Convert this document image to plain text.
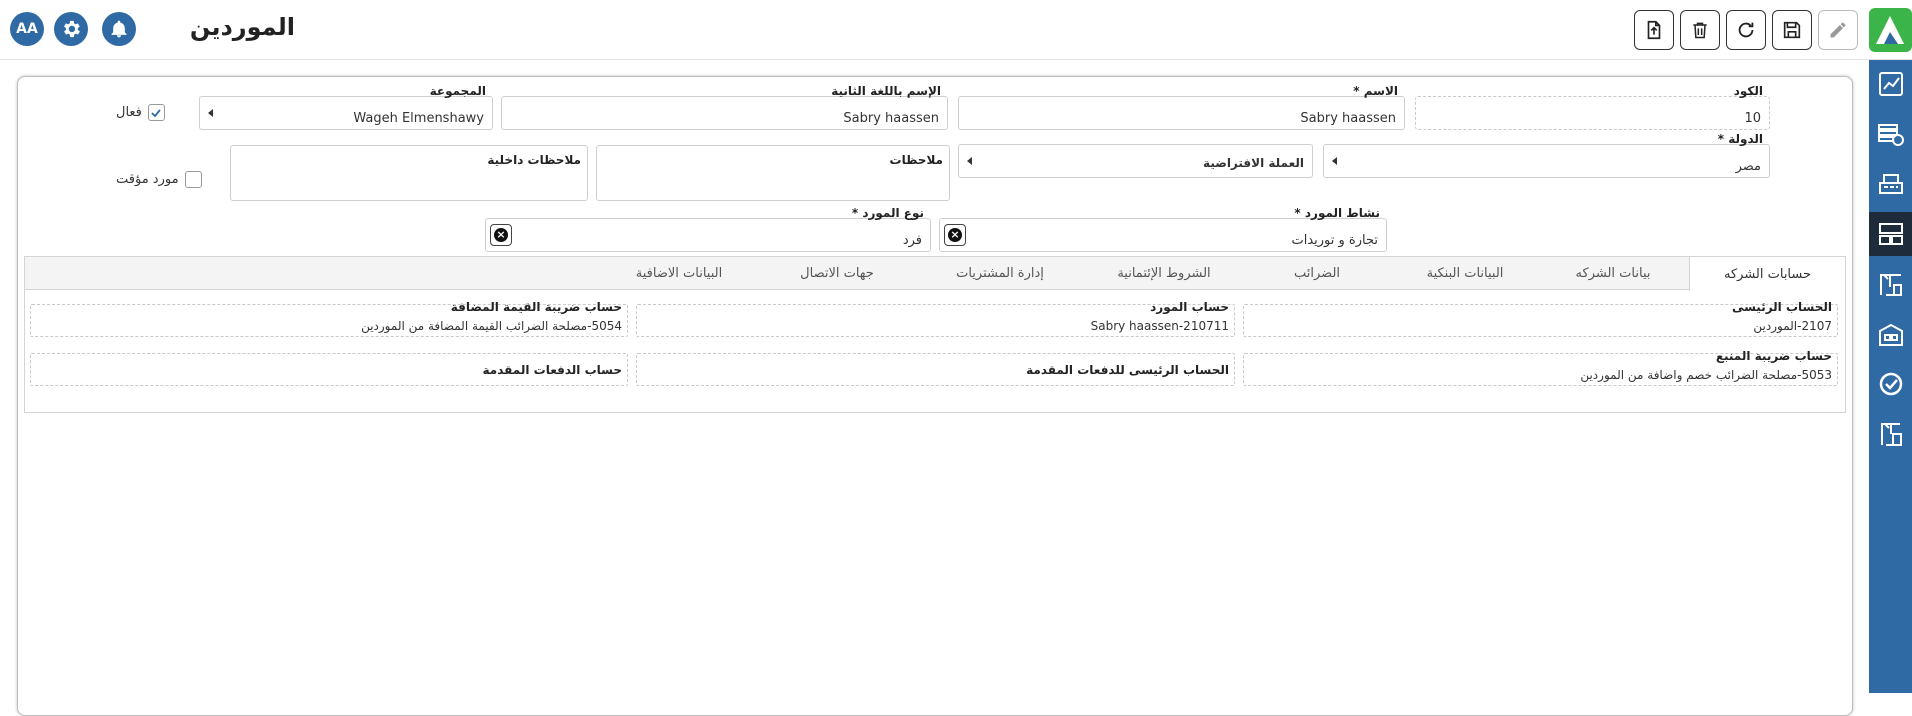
AA	الموردين
الكود
10
الاسم *
Sabry haassen
الإسم باللغة الثانية
Sabry haassen
المجموعة
Wageh Elmenshawy
فعال
الدولة *
مصر
العملة الافتراضية
ملاحظات
ملاحظات داخلية
مورد مؤقت
نشاط المورد *
تجارة و توريدات
×
نوع المورد *
فرد
×
حسابات الشركه
بيانات الشركه
البيانات البنكية
الضرائب
الشروط الإئتمانية
إدارة المشتريات
جهات الاتصال
البيانات الاضافية
الحساب الرئيسى
2107-الموردين
حساب المورد
Sabry haassen-210711
حساب ضريبة القيمة المضافة
5054-مصلحة الضرائب القيمة المضافة من الموردين
حساب ضريبة المنبع
5053-مصلحة الضرائب خصم واضافة من الموردين
الحساب الرئيسى للدفعات المقدمة
حساب الدفعات المقدمة
